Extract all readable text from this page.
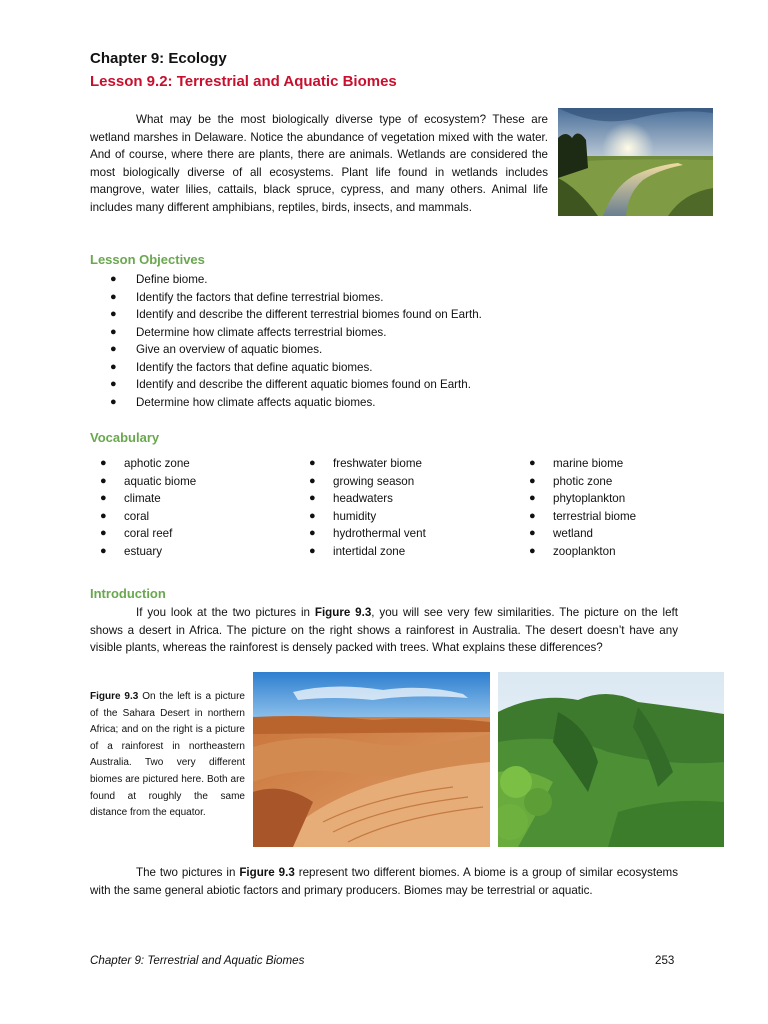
Chapter 9: Ecology
Lesson 9.2: Terrestrial and Aquatic Biomes

What may be the most biologically diverse type of ecosystem? These are wetland marshes in Delaware. Notice the abundance of vegetation mixed with the water. And of course, where there are plants, there are animals. Wetlands are considered the most biologically diverse of all ecosystems. Plant life found in wetlands includes mangrove, water lilies, cattails, black spruce, cypress, and many others. Animal life includes many different amphibians, reptiles, birds, insects, and mammals.

Lesson Objectives
● Define biome.
● Identify the factors that define terrestrial biomes.
● Identify and describe the different terrestrial biomes found on Earth.
● Determine how climate affects terrestrial biomes.
● Give an overview of aquatic biomes.
● Identify the factors that define aquatic biomes.
● Identify and describe the different aquatic biomes found on Earth.
● Determine how climate affects aquatic biomes.
Vocabulary
● aphotic zone
● aquatic biome
● climate
● coral
● coral reef
● estuary
● freshwater biome
● growing season
● headwaters
● humidity
● hydrothermal vent
● intertidal zone
● marine biome
● photic zone
● phytoplankton
● terrestrial biome
● wetland
● zooplankton
Introduction

If you look at the two pictures in Figure 9.3, you will see very few similarities. The picture on the left shows a desert in Africa. The picture on the right shows a rainforest in Australia. The desert doesn’t have any visible plants, whereas the rainforest is densely packed with trees. What explains these differences?

Figure 9.3 On the left is a picture of the Sahara Desert in northern Africa; and on the right is a picture of a rainforest in northeastern Australia. Two very different biomes are pictured here. Both are found at roughly the same distance from the equator.

The two pictures in Figure 9.3 represent two different biomes. A biome is a group of similar ecosystems with the same general abiotic factors and primary producers. Biomes may be terrestrial or aquatic.

Chapter 9: Terrestrial and Aquatic Biomes	253
